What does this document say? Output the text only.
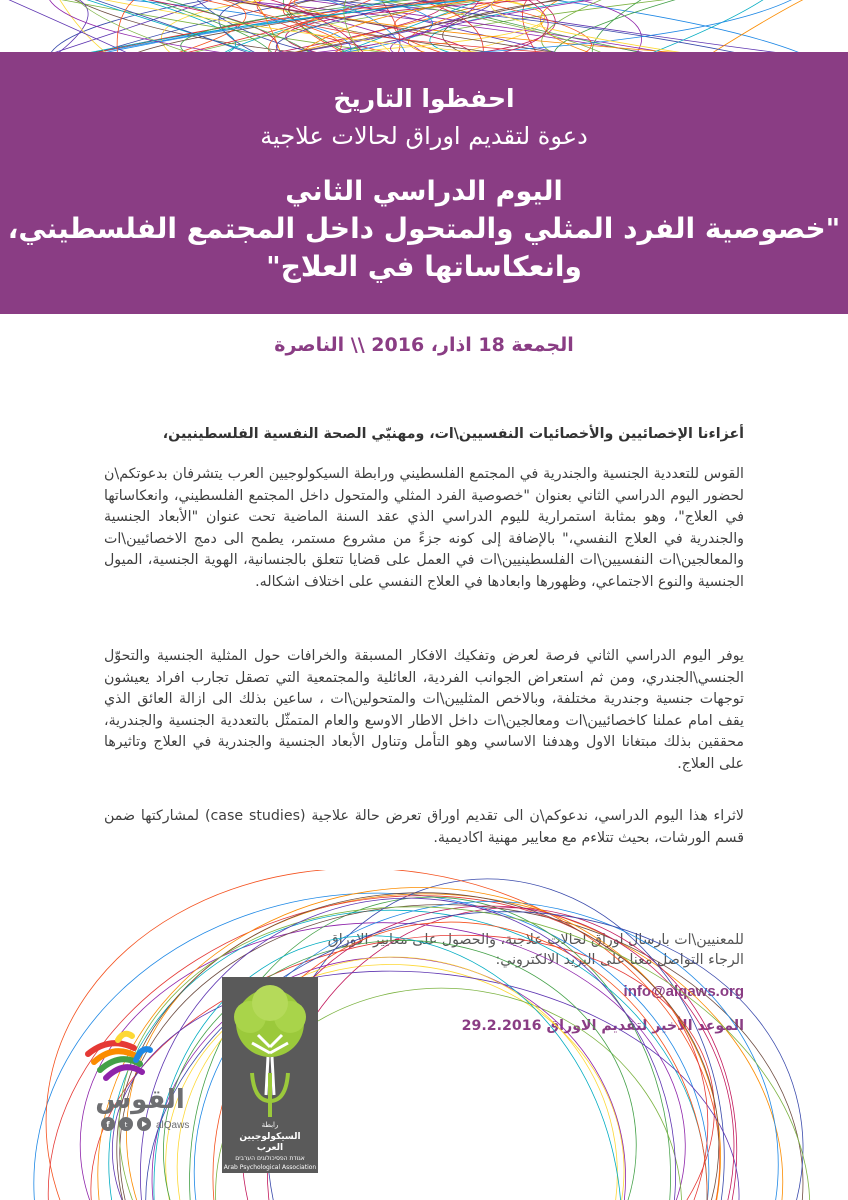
احفظوا التاريخ
دعوة لتقديم اوراق لحالات علاجية
اليوم الدراسي الثاني
"خصوصية الفرد المثلي والمتحول داخل المجتمع الفلسطيني،
وانعكاساتها في العلاج"
الجمعة 18 اذار، 2016 \\ الناصرة
أعزاءنا الإخصائيين والأخصائيات النفسيين\ات، ومهنيّي الصحة النفسية الفلسطينيين،
القوس للتعددية الجنسية والجندرية في المجتمع الفلسطيني ورابطة السيكولوجيين العرب يتشرفان بدعوتكم\ن لحضور اليوم الدراسي الثاني بعنوان "خصوصية الفرد المثلي والمتحول داخل المجتمع الفلسطيني، وانعكاساتها في العلاج"، وهو بمثابة استمرارية لليوم الدراسي الذي عقد السنة الماضية تحت عنوان "الأبعاد الجنسية والجندرية في العلاج النفسي،" بالإضافة إلى كونه جزءً من مشروع مستمر، يطمح الى دمج الاخصائيين\ات والمعالجين\ات النفسيين\ات الفلسطينيين\ات في العمل على قضايا تتعلق بالجنسانية، الهوية الجنسية، الميول الجنسية والنوع الاجتماعي، وظهورها وابعادها في العلاج النفسي على اختلاف اشكاله.
يوفر اليوم الدراسي الثاني فرصة لعرض وتفكيك الافكار المسبقة والخرافات حول المثلية الجنسية والتحوّل الجنسي\الجندري، ومن ثم استعراض الجوانب الفردية، العائلية والمجتمعية التي تصقل تجارب افراد يعيشون توجهات جنسية وجندرية مختلفة، وبالاخص المثليين\ات والمتحولين\ات ، ساعين بذلك الى ازالة العائق الذي يقف امام عملنا كاخصائيين\ات ومعالجين\ات داخل الاطار الاوسع والعام المتمثّل بالتعددية الجنسية والجندرية، محققين بذلك مبتغانا الاول وهدفنا الاساسي وهو التأمل وتناول الأبعاد الجنسية والجندرية في العلاج وتاثيرها على العلاج.
لاثراء هذا اليوم الدراسي، ندعوكم\ن الى تقديم اوراق تعرض حالة علاجية (case studies) لمشاركتها ضمن قسم الورشات، بحيث تتلاءم مع معايير مهنية اكاديمية.
للمعنيين\ات بارسال اوراق لحالات علاجية، والحصول على معايير الاوراق الرجاء التواصل معنا على البريد الالكتروني:
info@alqaws.org
الموعد الأخير لتقديم الاوراق 29.2.2016
رابطة
السيكولوجيين
العرب
אגודת הפסיכולוגים הערבים
Arab Psychological Association
القوس
f t	alQaws
